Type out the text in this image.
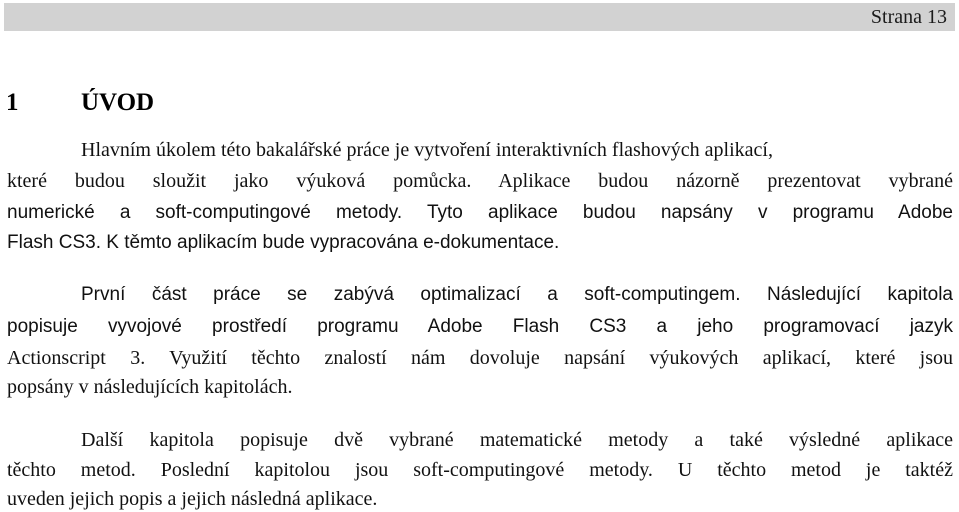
Strana 13
1	ÚVOD
Hlavním úkolem této bakalářské práce je vytvoření interaktivních flashových aplikací,
které budou sloužit jako výuková pomůcka. Aplikace budou názorně prezentovat vybrané
numerické a soft-computingové metody. Tyto aplikace budou napsány v programu Adobe
Flash CS3. K těmto aplikacím bude vypracována e-dokumentace.
První část práce se zabývá optimalizací a soft-computingem. Následující kapitola
popisuje vyvojové prostředí programu Adobe Flash CS3 a jeho programovací jazyk
Actionscript 3. Využití těchto znalostí nám dovoluje napsání výukových aplikací, které jsou
popsány v následujících kapitolách.
Další kapitola popisuje dvě vybrané matematické metody a také výsledné aplikace
těchto metod. Poslední kapitolou jsou soft-computingové metody. U těchto metod je taktéž
uveden jejich popis a jejich následná aplikace.
